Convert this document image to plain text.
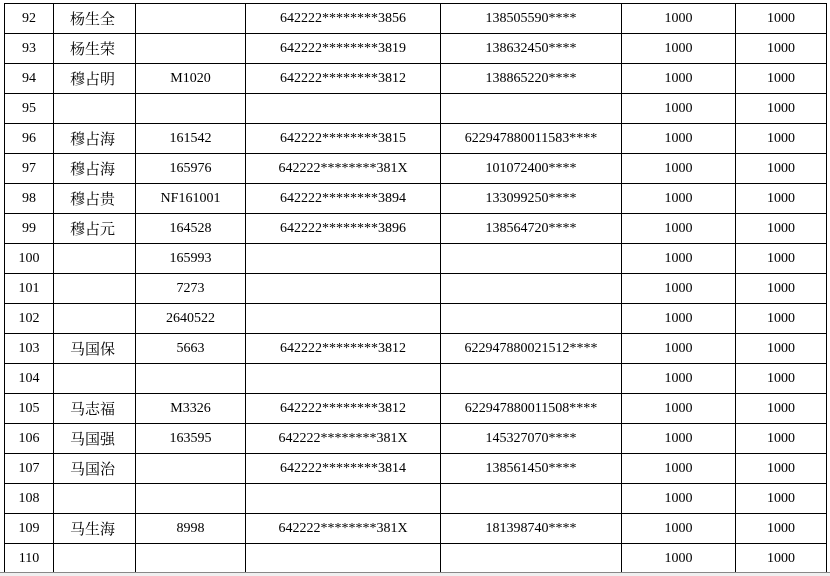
92	杨生全		642222********3856	138505590****	1000	1000
93	杨生荣		642222********3819	138632450****	1000	1000
94	穆占明	M1020	642222********3812	138865220****	1000	1000
95					1000	1000
96	穆占海	161542	642222********3815	622947880011583****	1000	1000
97	穆占海	165976	642222********381X	101072400****	1000	1000
98	穆占贵	NF161001	642222********3894	133099250****	1000	1000
99	穆占元	164528	642222********3896	138564720****	1000	1000
100		165993			1000	1000
101		7273			1000	1000
102		2640522			1000	1000
103	马国保	5663	642222********3812	622947880021512****	1000	1000
104					1000	1000
105	马志福	M3326	642222********3812	622947880011508****	1000	1000
106	马国强	163595	642222********381X	145327070****	1000	1000
107	马国治		642222********3814	138561450****	1000	1000
108					1000	1000
109	马生海	8998	642222********381X	181398740****	1000	1000
110					1000	1000
